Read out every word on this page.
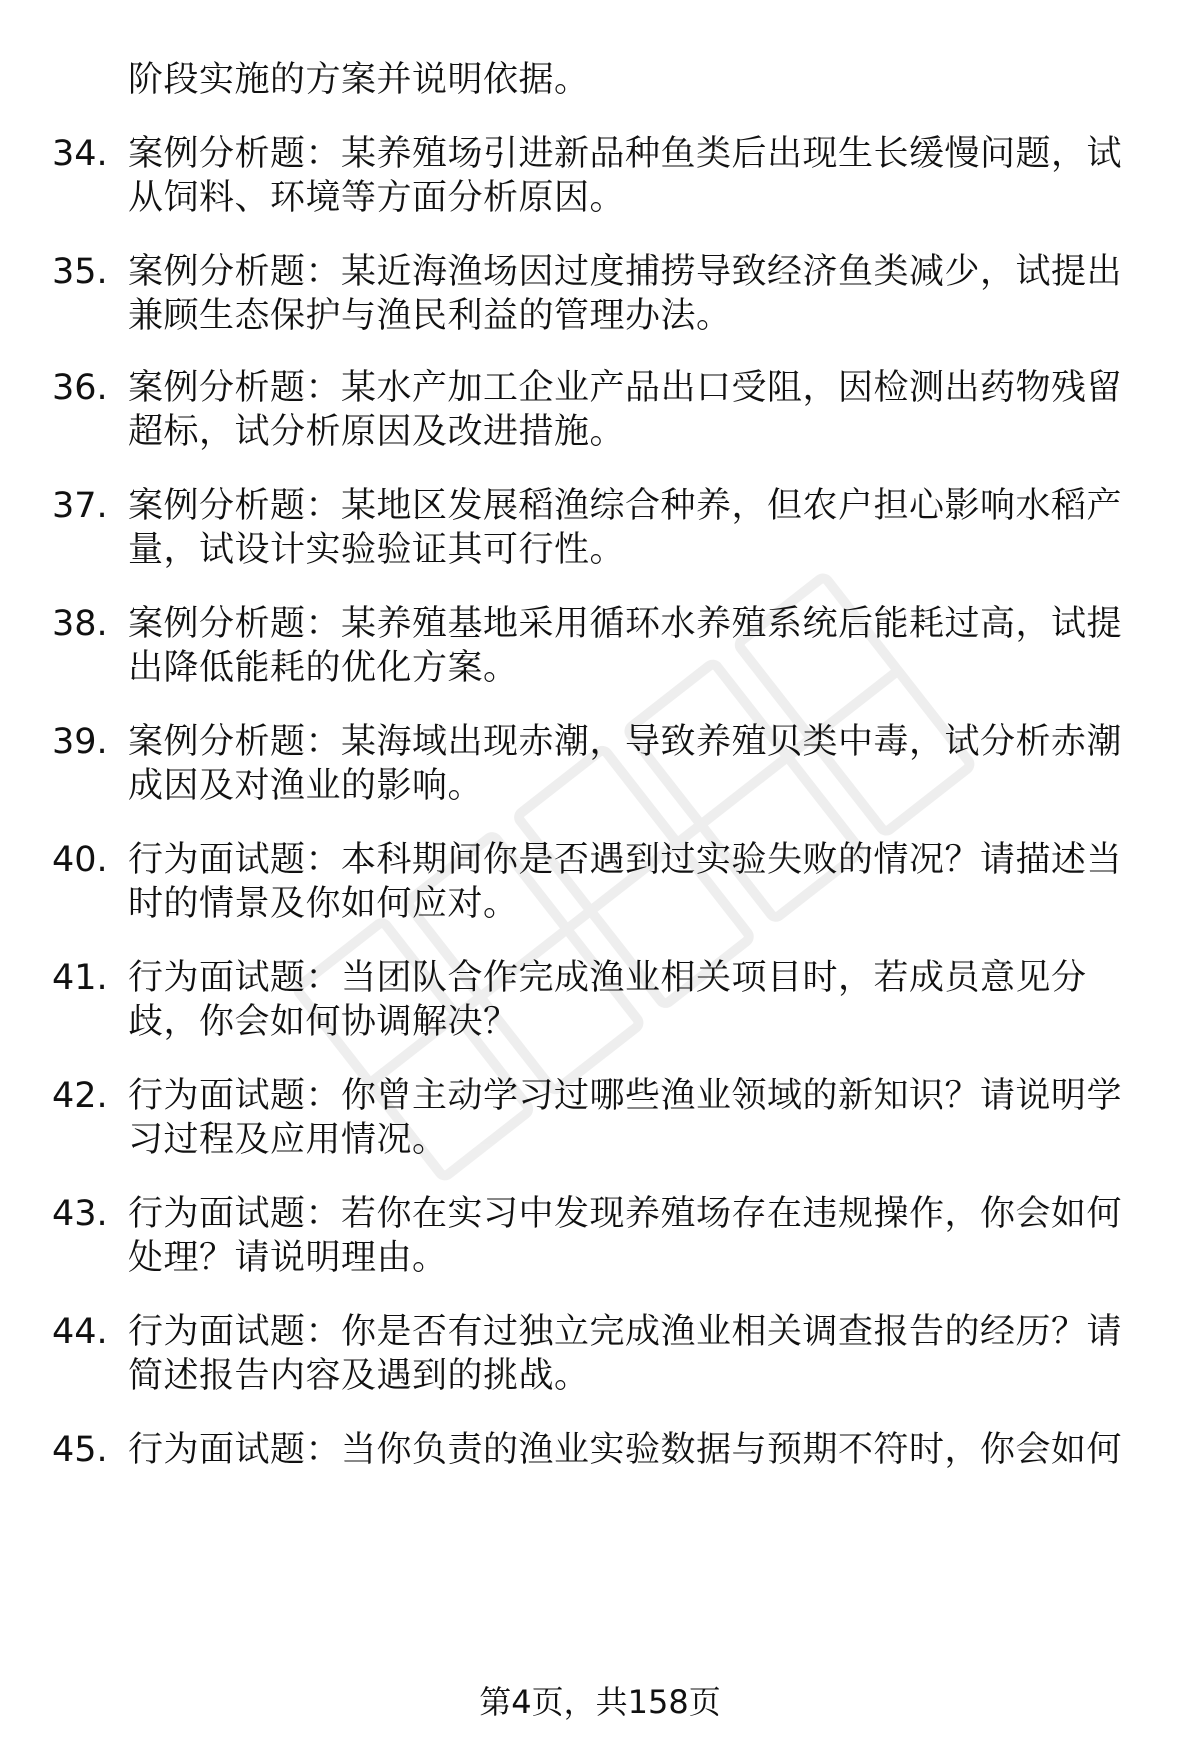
阶段实施的方案并说明依据。
34. 案例分析题：某养殖场引进新品种鱼类后出现生长缓慢问题，试
从饲料、环境等方面分析原因。
35. 案例分析题：某近海渔场因过度捕捞导致经济鱼类减少，试提出
兼顾生态保护与渔民利益的管理办法。
36. 案例分析题：某水产加工企业产品出口受阻，因检测出药物残留
超标，试分析原因及改进措施。
37. 案例分析题：某地区发展稻渔综合种养，但农户担心影响水稻产
量，试设计实验验证其可行性。
38. 案例分析题：某养殖基地采用循环水养殖系统后能耗过高，试提
出降低能耗的优化方案。
39. 案例分析题：某海域出现赤潮，导致养殖贝类中毒，试分析赤潮
成因及对渔业的影响。
40. 行为面试题：本科期间你是否遇到过实验失败的情况？请描述当
时的情景及你如何应对。
41. 行为面试题：当团队合作完成渔业相关项目时，若成员意见分
歧，你会如何协调解决？
42. 行为面试题：你曾主动学习过哪些渔业领域的新知识？请说明学
习过程及应用情况。
43. 行为面试题：若你在实习中发现养殖场存在违规操作，你会如何
处理？请说明理由。
44. 行为面试题：你是否有过独立完成渔业相关调查报告的经历？请
简述报告内容及遇到的挑战。
45. 行为面试题：当你负责的渔业实验数据与预期不符时，你会如何
第4页，共158页
